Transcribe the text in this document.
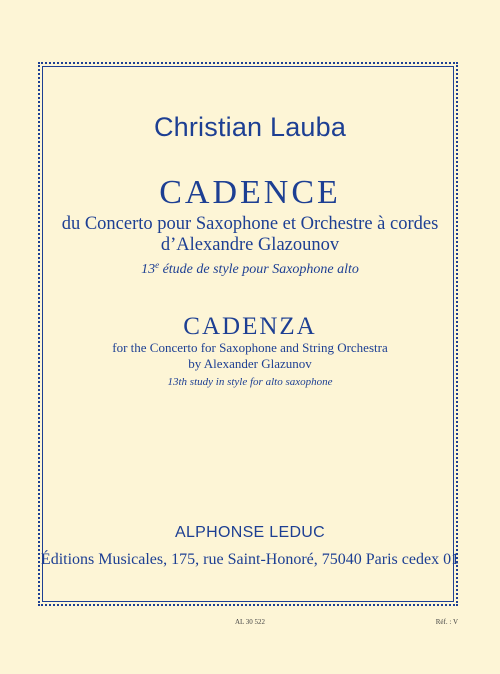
Christian Lauba
CADENCE
du Concerto pour Saxophone et Orchestre à cordes
d’Alexandre Glazounov
13e étude de style pour Saxophone alto
CADENZA
for the Concerto for Saxophone and String Orchestra
by Alexander Glazunov
13th study in style for alto saxophone
ALPHONSE LEDUC
Éditions Musicales, 175, rue Saint-Honoré, 75040 Paris cedex 01
AL 30 522	Réf. : V
